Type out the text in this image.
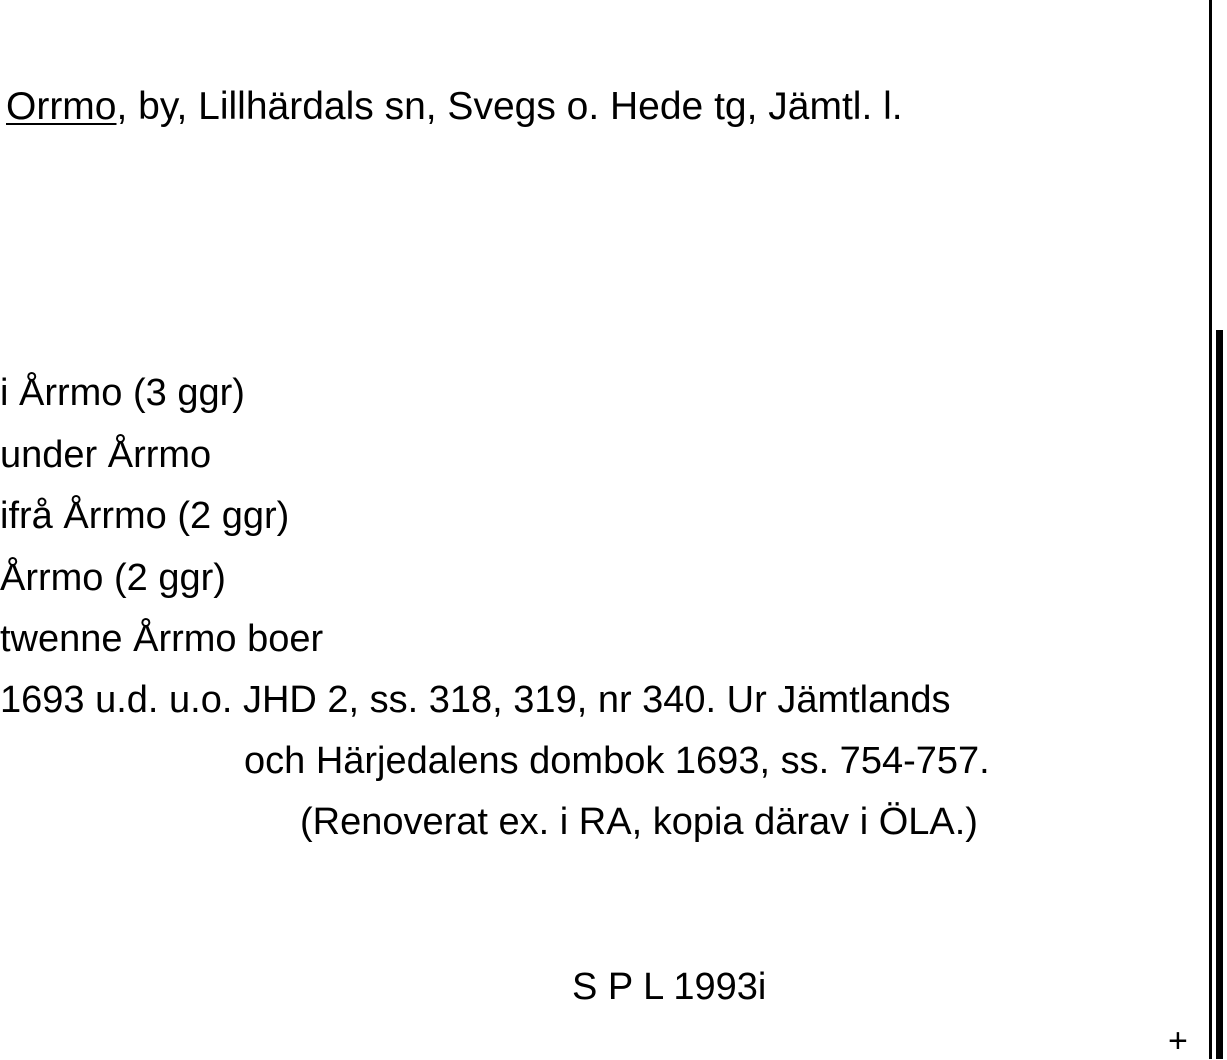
Orrmo, by, Lillhärdals sn, Svegs o. Hede tg, Jämtl. l.
i Årrmo (3 ggr)
under Årrmo
ifrå Årrmo (2 ggr)
Årrmo (2 ggr)
twenne Årrmo boer
1693 u.d. u.o. JHD 2, ss. 318, 319, nr 340. Ur Jämtlands
och Härjedalens dombok 1693, ss. 754-757.
(Renoverat ex. i RA, kopia därav i ÖLA.)
S P L 1993i
+
